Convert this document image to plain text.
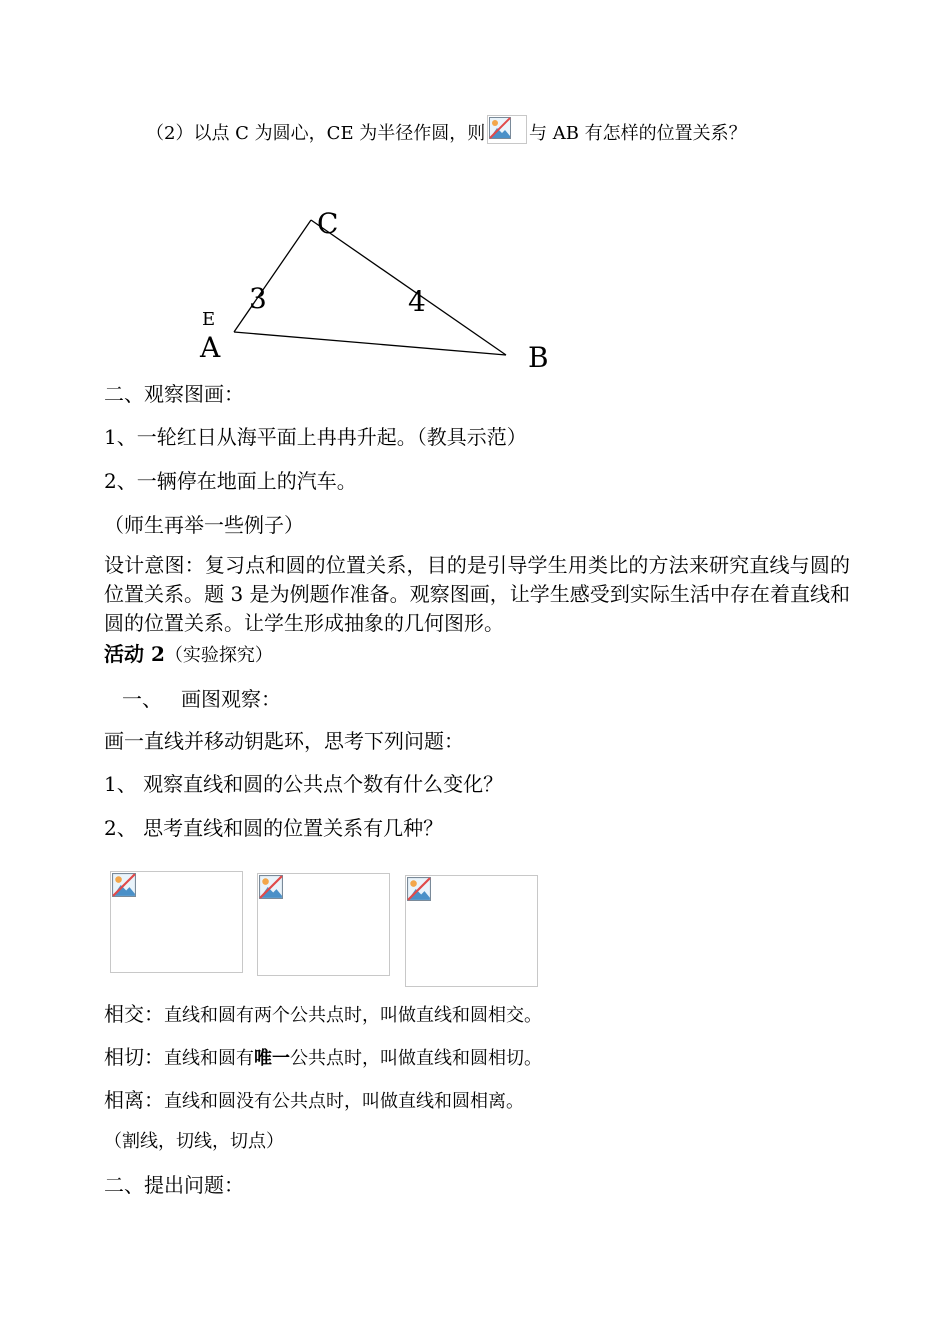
（2）以点 C 为圆心，CE 为半径作圆，则 与 AB 有怎样的位置关系？
C
A	B
E
3	4
二、观察图画：
1、一轮红日从海平面上冉冉升起。（教具示范）
2、一辆停在地面上的汽车。
（师生再举一些例子）
设计意图：复习点和圆的位置关系，目的是引导学生用类比的方法来研究直线与圆的位置关系。题 3 是为例题作准备。观察图画，让学生感受到实际生活中存在着直线和圆的位置关系。让学生形成抽象的几何图形。
活动 2（实验探究）
一、 画图观察：
画一直线并移动钥匙环，思考下列问题：
1、 观察直线和圆的公共点个数有什么变化？
2、 思考直线和圆的位置关系有几种？
相交：直线和圆有两个公共点时，叫做直线和圆相交。
相切：直线和圆有唯一公共点时，叫做直线和圆相切。
相离：直线和圆没有公共点时，叫做直线和圆相离。
（割线，切线，切点）
二、提出问题：
